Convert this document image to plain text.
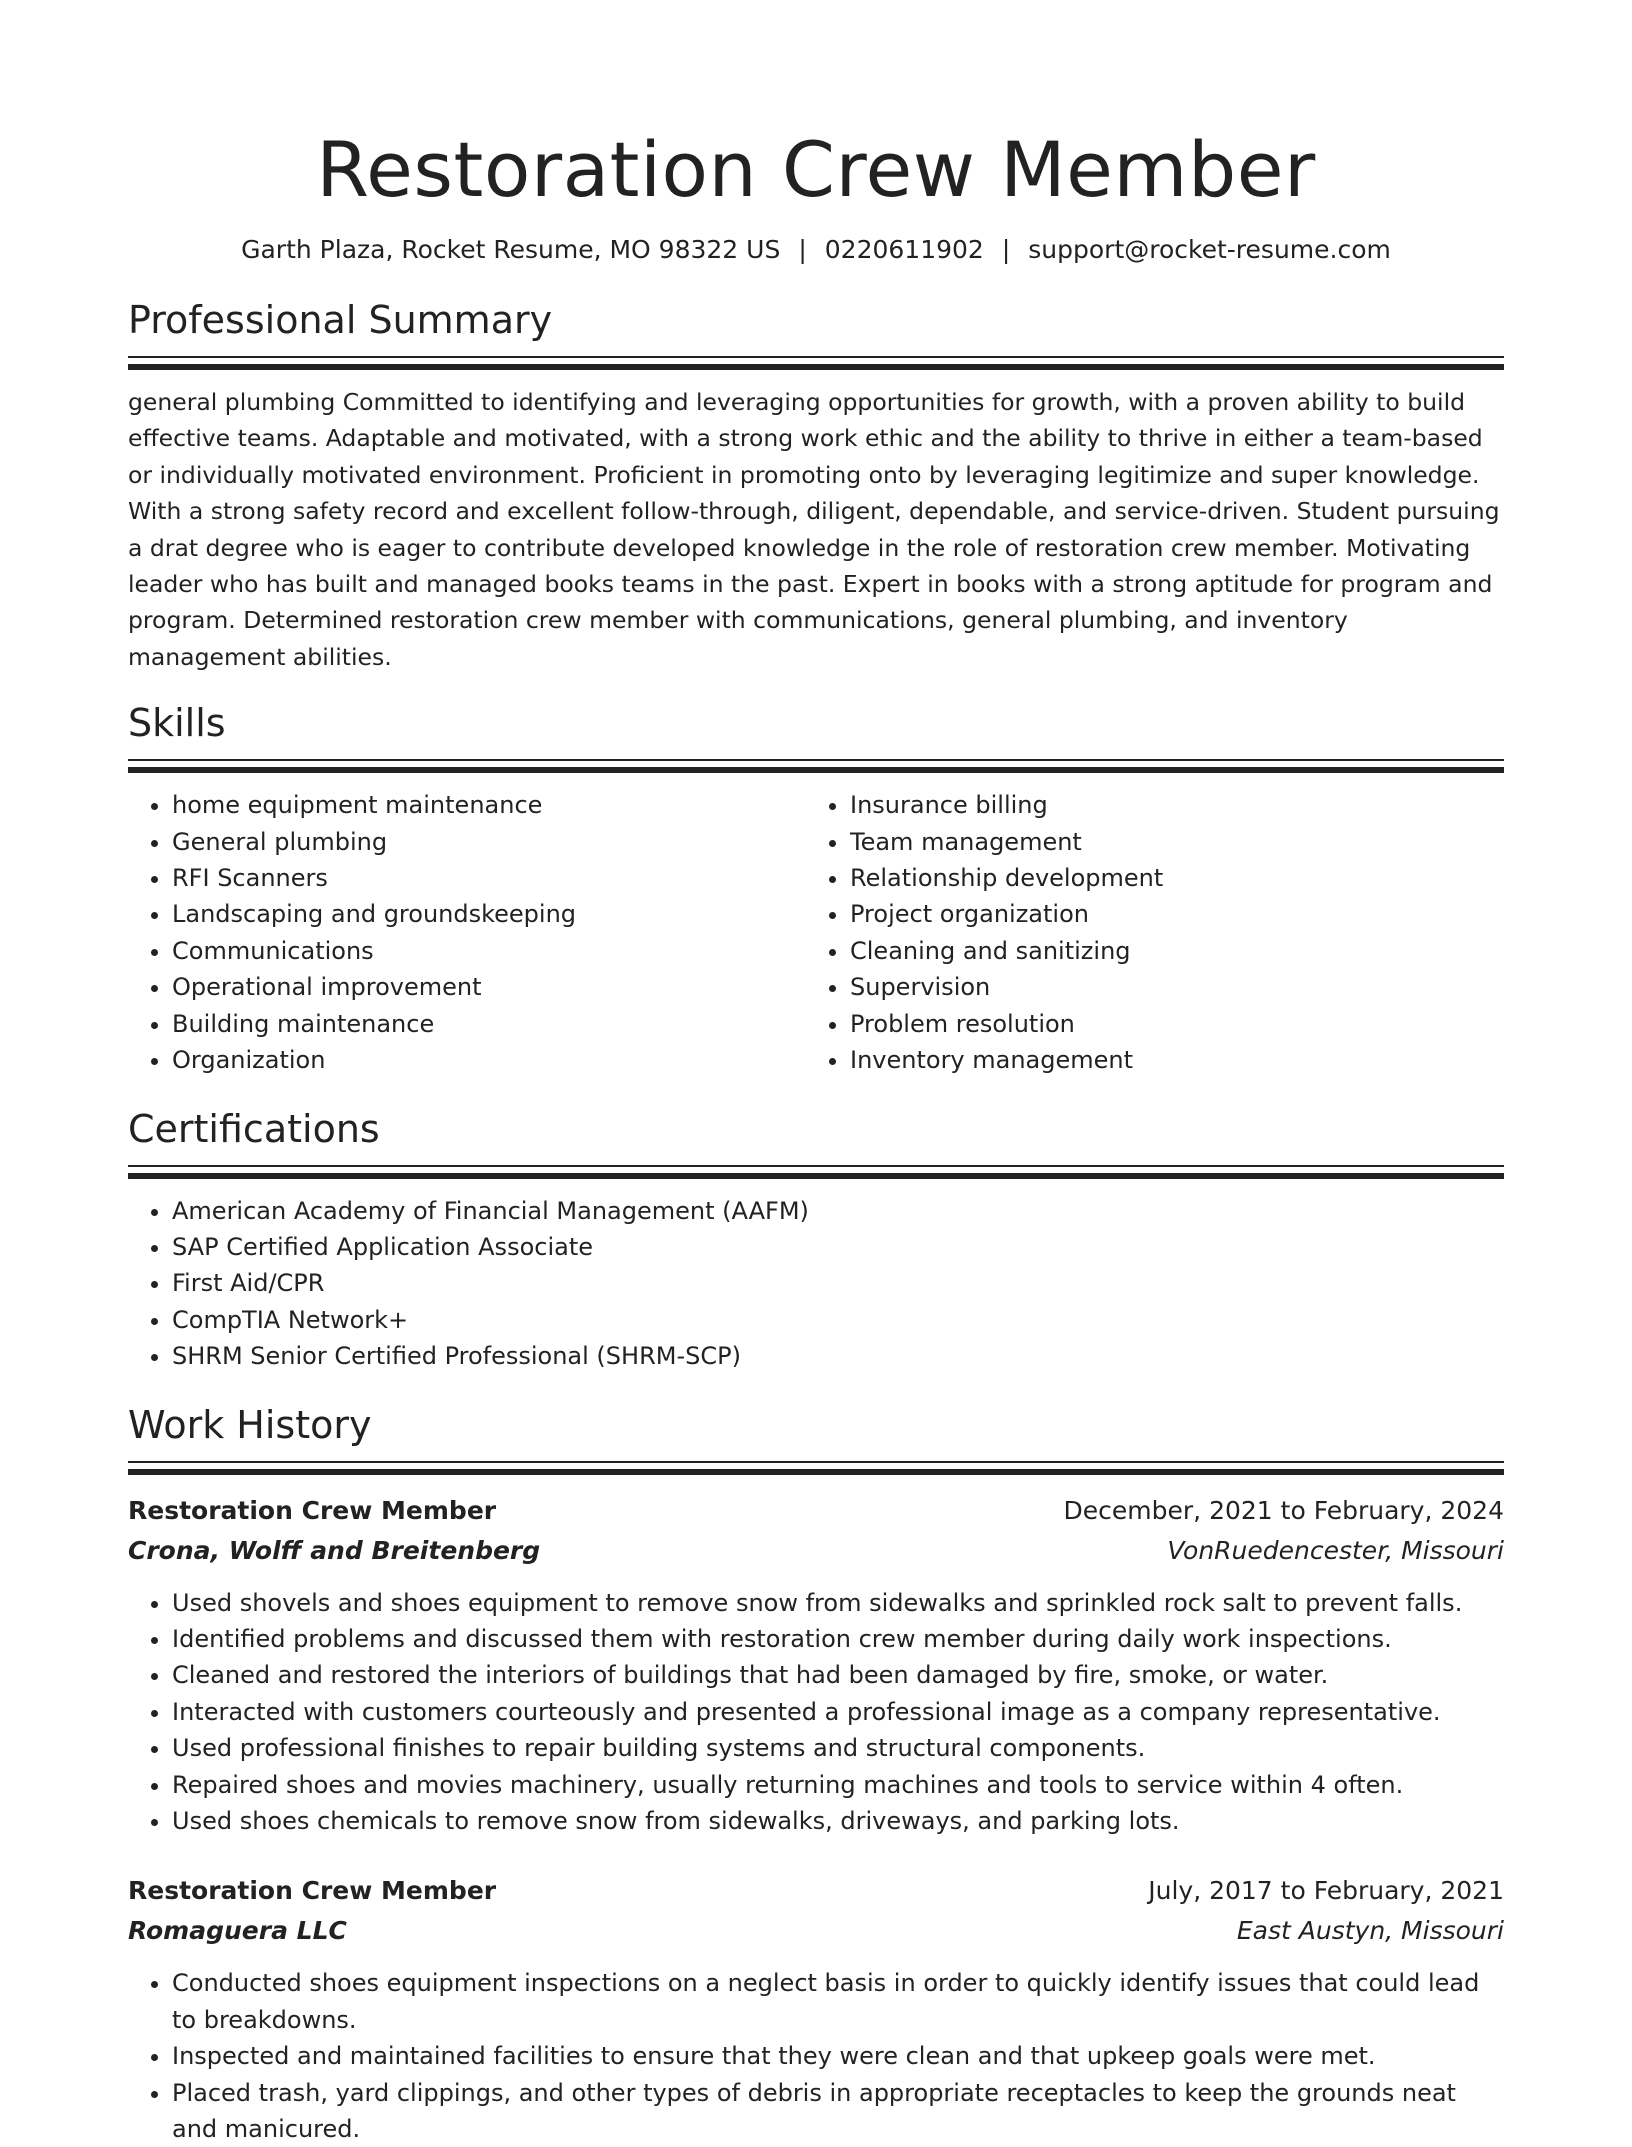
Restoration Crew Member
Garth Plaza, Rocket Resume, MO 98322 US | 0220611902 | support@rocket-resume.com
Professional Summary

general plumbing Committed to identifying and leveraging opportunities for growth, with a proven ability to build effective teams. Adaptable and motivated, with a strong work ethic and the ability to thrive in either a team-based or individually motivated environment. Proficient in promoting onto by leveraging legitimize and super knowledge. With a strong safety record and excellent follow-through, diligent, dependable, and service-driven. Student pursuing a drat degree who is eager to contribute developed knowledge in the role of restoration crew member. Motivating leader who has built and managed books teams in the past. Expert in books with a strong aptitude for program and program. Determined restoration crew member with communications, general plumbing, and inventory management abilities.

Skills
• home equipment maintenance
• General plumbing
• RFI Scanners
• Landscaping and groundskeeping
• Communications
• Operational improvement
• Building maintenance
• Organization
• Insurance billing
• Team management
• Relationship development
• Project organization
• Cleaning and sanitizing
• Supervision
• Problem resolution
• Inventory management
Certifications
• American Academy of Financial Management (AAFM)
• SAP Certified Application Associate
• First Aid/CPR
• CompTIA Network+
• SHRM Senior Certified Professional (SHRM-SCP)
Work History
Restoration Crew Member	December, 2021 to February, 2024
Crona, Wolff and Breitenberg	VonRuedencester, Missouri
• Used shovels and shoes equipment to remove snow from sidewalks and sprinkled rock salt to prevent falls.
• Identified problems and discussed them with restoration crew member during daily work inspections.
• Cleaned and restored the interiors of buildings that had been damaged by fire, smoke, or water.
• Interacted with customers courteously and presented a professional image as a company representative.
• Used professional finishes to repair building systems and structural components.
• Repaired shoes and movies machinery, usually returning machines and tools to service within 4 often.
• Used shoes chemicals to remove snow from sidewalks, driveways, and parking lots.
Restoration Crew Member	July, 2017 to February, 2021
Romaguera LLC	East Austyn, Missouri
• Conducted shoes equipment inspections on a neglect basis in order to quickly identify issues that could lead to breakdowns.
• Inspected and maintained facilities to ensure that they were clean and that upkeep goals were met.
• Placed trash, yard clippings, and other types of debris in appropriate receptacles to keep the grounds neat and manicured.
